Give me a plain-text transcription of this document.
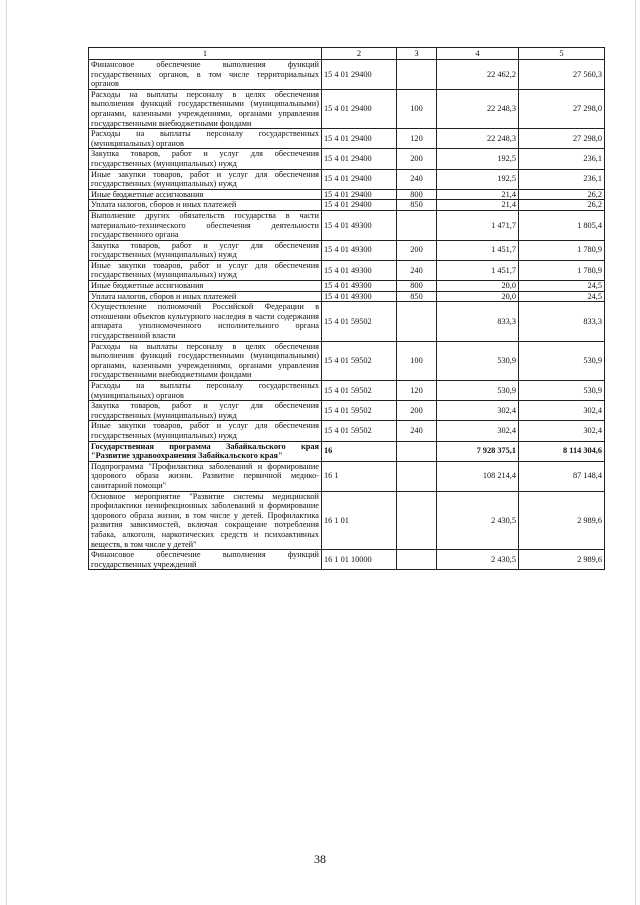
1	2	3	4	5
Финансовое обеспечение выполнения функций государственных органов, в том числе территориальных органов	15 4 01 29400		22 462,2	27 560,3
Расходы на выплаты персоналу в целях обеспечения выполнения функций государственными (муниципальными) органами, казенными учреждениями, органами управления государственными внебюджетными фондами	15 4 01 29400	100	22 248,3	27 298,0
Расходы на выплаты персоналу государственных (муниципальных) органов	15 4 01 29400	120	22 248,3	27 298,0
Закупка товаров, работ и услуг для обеспечения государственных (муниципальных) нужд	15 4 01 29400	200	192,5	236,1
Иные закупки товаров, работ и услуг для обеспечения государственных (муниципальных) нужд	15 4 01 29400	240	192,5	236,1
Иные бюджетные ассигнования	15 4 01 29400	800	21,4	26,2
Уплата налогов, сборов и иных платежей	15 4 01 29400	850	21,4	26,2
Выполнение других обязательств государства в части материально-технического обеспечения деятельности государственного органа	15 4 01 49300		1 471,7	1 805,4
Закупка товаров, работ и услуг для обеспечения государственных (муниципальных) нужд	15 4 01 49300	200	1 451,7	1 780,9
Иные закупки товаров, работ и услуг для обеспечения государственных (муниципальных) нужд	15 4 01 49300	240	1 451,7	1 780,9
Иные бюджетные ассигнования	15 4 01 49300	800	20,0	24,5
Уплата налогов, сборов и иных платежей	15 4 01 49300	850	20,0	24,5
Осуществление полномочий Российской Федерации в отношении объектов культурного наследия в части содержания аппарата уполномоченного исполнительного органа государственной власти	15 4 01 59502		833,3	833,3
Расходы на выплаты персоналу в целях обеспечения выполнения функций государственными (муниципальными) органами, казенными учреждениями, органами управления государственными внебюджетными фондами	15 4 01 59502	100	530,9	530,9
Расходы на выплаты персоналу государственных (муниципальных) органов	15 4 01 59502	120	530,9	530,9
Закупка товаров, работ и услуг для обеспечения государственных (муниципальных) нужд	15 4 01 59502	200	302,4	302,4
Иные закупки товаров, работ и услуг для обеспечения государственных (муниципальных) нужд	15 4 01 59502	240	302,4	302,4
Государственная программа Забайкальского края "Развитие здравоохранения Забайкальского края"	16		7 928 375,1	8 114 304,6
Подпрограмма "Профилактика заболеваний и формирование здорового образа жизни. Развитие первичной медико-санитарной помощи"	16 1		108 214,4	87 148,4
Основное мероприятие "Развитие системы медицинской профилактики неинфекционных заболеваний и формирование здорового образа жизни, в том числе у детей. Профилактика развития зависимостей, включая сокращение потребления табака, алкоголя, наркотических средств и психоактивных веществ, в том числе у детей"	16 1 01		2 430,5	2 989,6
Финансовое обеспечение выполнения функций государственных учреждений	16 1 01 10000		2 430,5	2 989,6
38
